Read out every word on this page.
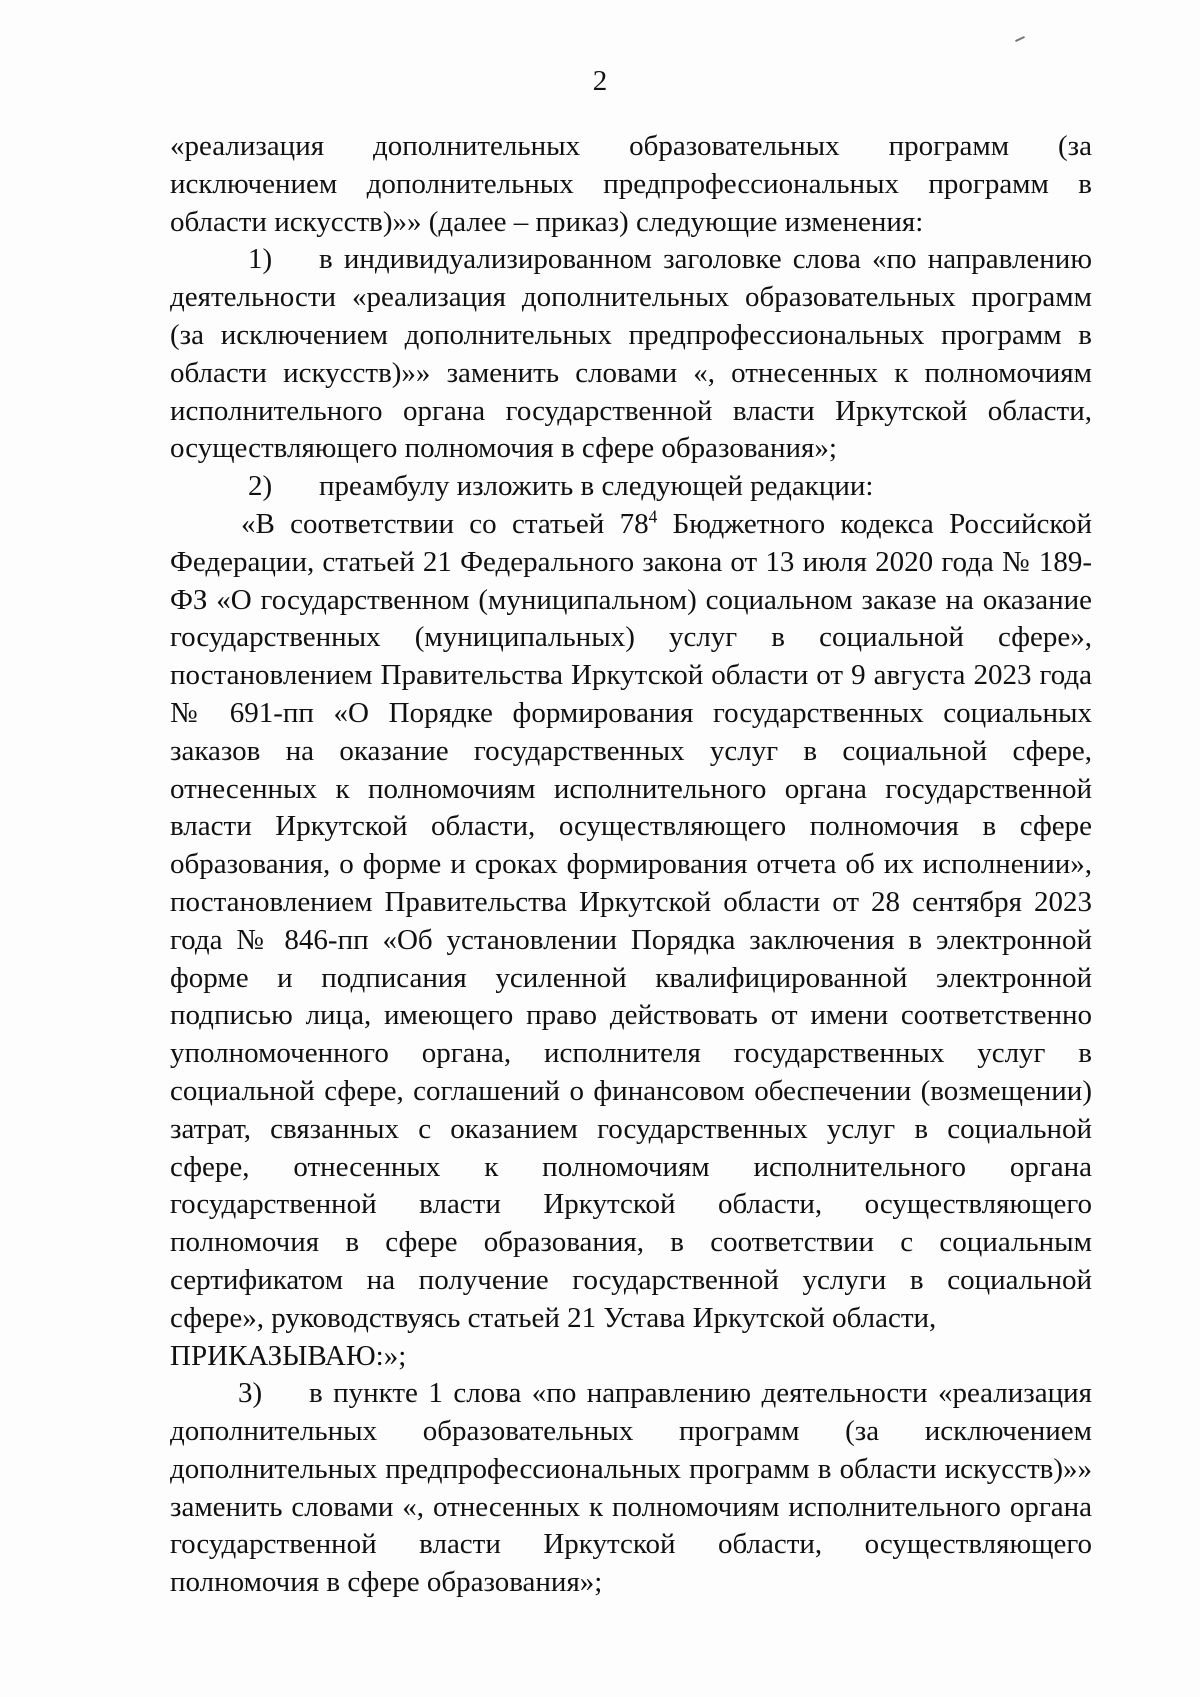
2

«реализация дополнительных образовательных программ (за исключением дополнительных предпрофессиональных программ в области искусств)»» (далее – приказ) следующие изменения:

1) в индивидуализированном заголовке слова «по направлению деятельности «реализация дополнительных образовательных программ (за исключением дополнительных предпрофессиональных программ в области искусств)»» заменить словами «, отнесенных к полномочиям исполнительного органа государственной власти Иркутской области, осуществляющего полномочия в сфере образования»;

2) преамбулу изложить в следующей редакции:

«В соответствии со статьей $78^4$ Бюджетного кодекса Российской Федерации, статьей 21 Федерального закона от 13 июля 2020 года № 189-ФЗ «О государственном (муниципальном) социальном заказе на оказание государственных (муниципальных) услуг в социальной сфере», постановлением Правительства Иркутской области от 9 августа 2023 года № 691-пп «О Порядке формирования государственных социальных заказов на оказание государственных услуг в социальной сфере, отнесенных к полномочиям исполнительного органа государственной власти Иркутской области, осуществляющего полномочия в сфере образования, о форме и сроках формирования отчета об их исполнении», постановлением Правительства Иркутской области от 28 сентября 2023 года № 846-пп «Об установлении Порядка заключения в электронной форме и подписания усиленной квалифицированной электронной подписью лица, имеющего право действовать от имени соответственно уполномоченного органа, исполнителя государственных услуг в социальной сфере, соглашений о финансовом обеспечении (возмещении) затрат, связанных с оказанием государственных услуг в социальной сфере, отнесенных к полномочиям исполнительного органа государственной власти Иркутской области, осуществляющего полномочия в сфере образования, в соответствии с социальным сертификатом на получение государственной услуги в социальной сфере», руководствуясь статьей 21 Устава Иркутской области,

ПРИКАЗЫВАЮ:»;

3) в пункте 1 слова «по направлению деятельности «реализация дополнительных образовательных программ (за исключением дополнительных предпрофессиональных программ в области искусств)»» заменить словами «, отнесенных к полномочиям исполнительного органа государственной власти Иркутской области, осуществляющего полномочия в сфере образования»;
